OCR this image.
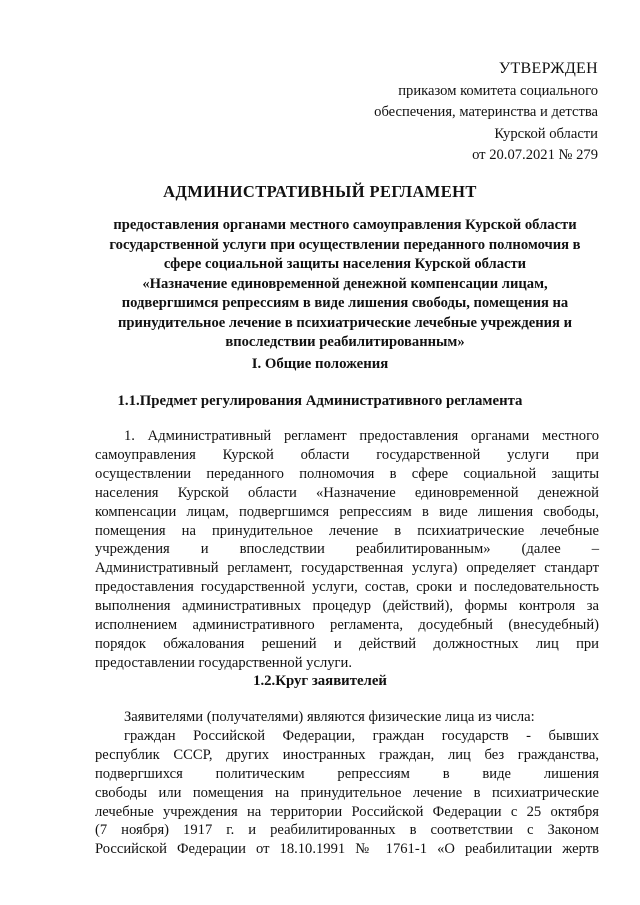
УТВЕРЖДЕН
приказом комитета социального
обеспечения, материнства и детства
Курской области
от 20.07.2021 № 279
АДМИНИСТРАТИВНЫЙ РЕГЛАМЕНТ
предоставления органами местного самоуправления Курской области
государственной услуги при осуществлении переданного полномочия в
сфере социальной защиты населения Курской области
«Назначение единовременной денежной компенсации лицам,
подвергшимся репрессиям в виде лишения свободы, помещения на
принудительное лечение в психиатрические лечебные учреждения и
впоследствии реабилитированным»
I. Общие положения
1.1.Предмет регулирования Административного регламента
1. Административный регламент предоставления органами местного
самоуправления Курской области государственной услуги при
осуществлении переданного полномочия в сфере социальной защиты
населения Курской области «Назначение единовременной денежной
компенсации лицам, подвергшимся репрессиям в виде лишения свободы,
помещения на принудительное лечение в психиатрические лечебные
учреждения и впоследствии реабилитированным» (далее –
Административный регламент, государственная услуга) определяет стандарт
предоставления государственной услуги, состав, сроки и последовательность
выполнения административных процедур (действий), формы контроля за
исполнением административного регламента, досудебный (внесудебный)
порядок обжалования решений и действий должностных лиц при
предоставлении государственной услуги.
1.2.Круг заявителей
Заявителями (получателями) являются физические лица из числа:
граждан Российской Федерации, граждан государств - бывших
республик СССР, других иностранных граждан, лиц без гражданства,
подвергшихся политическим репрессиям в виде лишения
свободы или помещения на принудительное лечение в психиатрические
лечебные учреждения на территории Российской Федерации с 25 октября
(7 ноября) 1917 г. и реабилитированных в соответствии с Законом
Российской Федерации от 18.10.1991 № 1761-1 «О реабилитации жертв
